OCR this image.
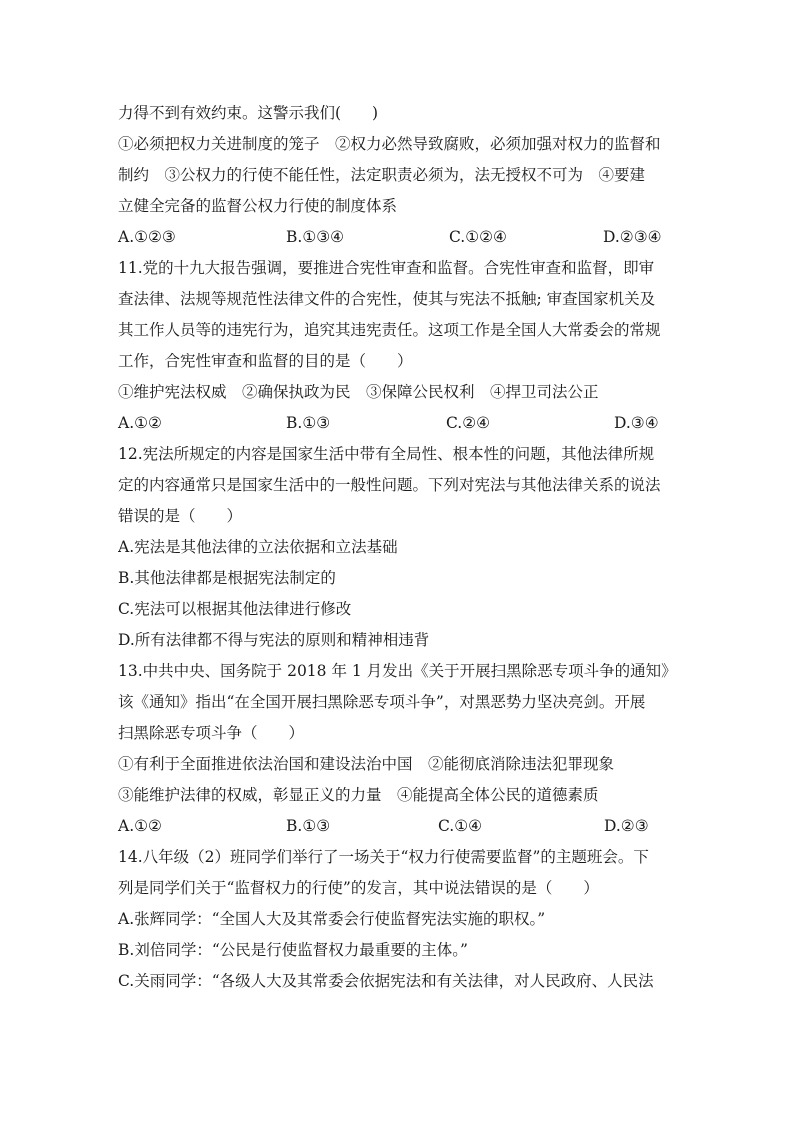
力得不到有效约束。这警示我们(　　)
①必须把权力关进制度的笼子　②权力必然导致腐败，必须加强对权力的监督和
制约　③公权力的行使不能任性，法定职责必须为，法无授权不可为　④要建
立健全完备的监督公权力行使的制度体系
A.①②③	B.①③④	C.①②④	D.②③④
11.党的十九大报告强调，要推进合宪性审查和监督。合宪性审查和监督，即审
查法律、法规等规范性法律文件的合宪性，使其与宪法不抵触; 审查国家机关及
其工作人员等的违宪行为，追究其违宪责任。这项工作是全国人大常委会的常规
工作，合宪性审查和监督的目的是（　　）
①维护宪法权威　②确保执政为民　③保障公民权利　④捍卫司法公正
A.①②	B.①③	C.②④	D.③④
12.宪法所规定的内容是国家生活中带有全局性、根本性的问题，其他法律所规
定的内容通常只是国家生活中的一般性问题。下列对宪法与其他法律关系的说法
错误的是（　　）
A.宪法是其他法律的立法依据和立法基础
B.其他法律都是根据宪法制定的
C.宪法可以根据其他法律进行修改
D.所有法律都不得与宪法的原则和精神相违背
13.中共中央、国务院于 2018 年 1 月发出《关于开展扫黑除恶专项斗争的通知》
该《通知》指出“在全国开展扫黑除恶专项斗争”，对黑恶势力坚决亮剑。开展
扫黑除恶专项斗争（　　）
①有利于全面推进依法治国和建设法治中国　②能彻底消除违法犯罪现象
③能维护法律的权威，彰显正义的力量　④能提高全体公民的道德素质
A.①②	B.①③	C.①④	D.②③
14.八年级（2）班同学们举行了一场关于“权力行使需要监督”的主题班会。下
列是同学们关于“监督权力的行使”的发言，其中说法错误的是（　　）
A.张辉同学：“全国人大及其常委会行使监督宪法实施的职权。”
B.刘倍同学：“公民是行使监督权力最重要的主体。”
C.关雨同学：“各级人大及其常委会依据宪法和有关法律，对人民政府、人民法
